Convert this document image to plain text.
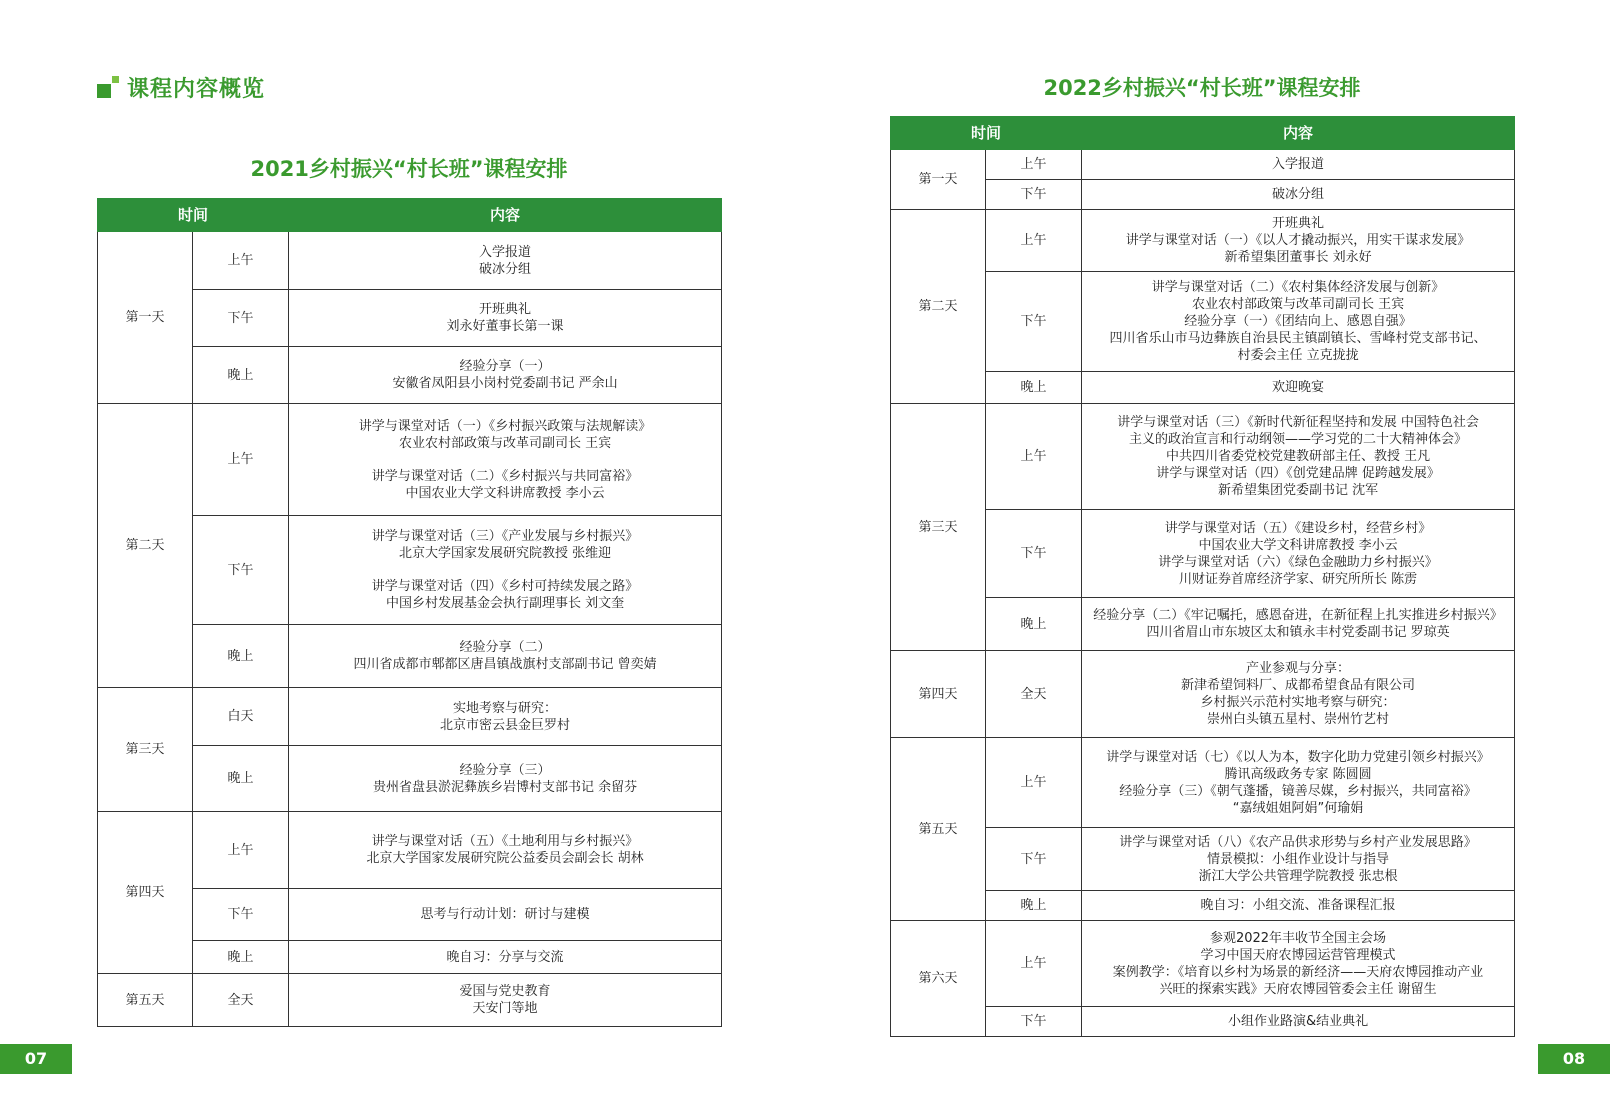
课程内容概览
2021乡村振兴“村长班”课程安排
时间		内容
第一天	上午	入学报道
破冰分组

	下午	开班典礼
刘永好董事长第一课

	晚上	经验分享（一）
安徽省凤阳县小岗村党委副书记 严余山

第二天	上午	讲学与课堂对话（一）《乡村振兴政策与法规解读》
农业农村部政策与改革司副司长 王宾
讲学与课堂对话（二）《乡村振兴与共同富裕》
中国农业大学文科讲席教授 李小云

	下午	讲学与课堂对话（三）《产业发展与乡村振兴》
北京大学国家发展研究院教授 张维迎
讲学与课堂对话（四）《乡村可持续发展之路》
中国乡村发展基金会执行副理事长 刘文奎

	晚上	经验分享（二）
四川省成都市郫都区唐昌镇战旗村支部副书记 曾奕婧

第三天	白天	实地考察与研究：
北京市密云县金巨罗村

	晚上	经验分享（三）
贵州省盘县淤泥彝族乡岩博村支部书记 余留芬

第四天	上午	讲学与课堂对话（五）《土地利用与乡村振兴》
北京大学国家发展研究院公益委员会副会长 胡林

	下午	思考与行动计划：研讨与建模

	晚上	晚自习：分享与交流

第五天	全天	爱国与党史教育
天安门等地
2022乡村振兴“村长班”课程安排
时间		内容
第一天	上午	入学报道

	下午	破冰分组

第二天	上午	开班典礼
讲学与课堂对话（一）《以人才撬动振兴，用实干谋求发展》
新希望集团董事长 刘永好

	下午	讲学与课堂对话（二）《农村集体经济发展与创新》
农业农村部政策与改革司副司长 王宾
经验分享（一）《团结向上、感恩自强》
四川省乐山市马边彝族自治县民主镇副镇长、雪峰村党支部书记、
村委会主任 立克拢拢

	晚上	欢迎晚宴

第三天	上午	讲学与课堂对话（三）《新时代新征程坚持和发展 中国特色社会
主义的政治宣言和行动纲领——学习党的二十大精神体会》
中共四川省委党校党建教研部主任、教授 王凡
讲学与课堂对话（四）《创党建品牌 促跨越发展》
新希望集团党委副书记 沈军

	下午	讲学与课堂对话（五）《建设乡村，经营乡村》
中国农业大学文科讲席教授 李小云
讲学与课堂对话（六）《绿色金融助力乡村振兴》
川财证券首席经济学家、研究所所长 陈雳

	晚上	经验分享（二）《牢记嘱托，感恩奋进，在新征程上扎实推进乡村振兴》
四川省眉山市东坡区太和镇永丰村党委副书记 罗琼英

第四天	全天	产业参观与分享：
新津希望饲料厂、成都希望食品有限公司
乡村振兴示范村实地考察与研究：
崇州白头镇五星村、崇州竹艺村

第五天	上午	讲学与课堂对话（七）《以人为本，数字化助力党建引领乡村振兴》
腾讯高级政务专家 陈圆圆
经验分享（三）《朝气蓬播，镜善尽媒，乡村振兴，共同富裕》
“嘉绒姐姐阿娟”何瑜娟

	下午	讲学与课堂对话（八）《农产品供求形势与乡村产业发展思路》
情景模拟：小组作业设计与指导
浙江大学公共管理学院教授 张忠根

	晚上	晚自习：小组交流、准备课程汇报

第六天	上午	参观2022年丰收节全国主会场
学习中国天府农博园运营管理模式
案例教学：《培育以乡村为场景的新经济——天府农博园推动产业
兴旺的探索实践》天府农博园管委会主任 谢留生

	下午	小组作业路演&结业典礼
07	08
